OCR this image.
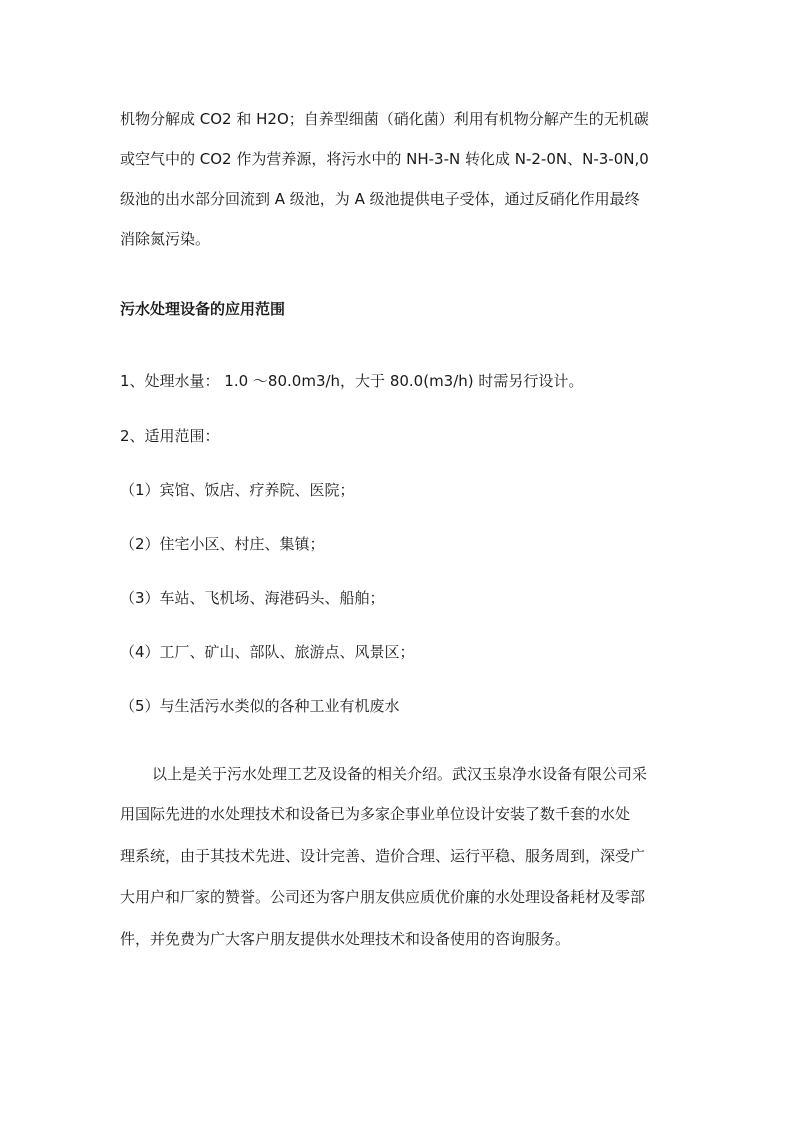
机物分解成 CO2 和 H2O；自养型细菌（硝化菌）利用有机物分解产生的无机碳
或空气中的 CO2 作为营养源，将污水中的 NH-3-N 转化成 N-2-0N、N-3-0N,0
级池的出水部分回流到 A 级池，为 A 级池提供电子受体，通过反硝化作用最终
消除氮污染。
污水处理设备的应用范围
1、处理水量： 1.0 ～80.0m3/h，大于 80.0(m3/h) 时需另行设计。
2、适用范围：
（1）宾馆、饭店、疗养院、医院；
（2）住宅小区、村庄、集镇；
（3）车站、飞机场、海港码头、船舶；
（4）工厂、矿山、部队、旅游点、风景区；
（5）与生活污水类似的各种工业有机废水
以上是关于污水处理工艺及设备的相关介绍。武汉玉泉净水设备有限公司采
用国际先进的水处理技术和设备已为多家企事业单位设计安装了数千套的水处
理系统，由于其技术先进、设计完善、造价合理、运行平稳、服务周到，深受广
大用户和厂家的赞誉。公司还为客户朋友供应质优价廉的水处理设备耗材及零部
件，并免费为广大客户朋友提供水处理技术和设备使用的咨询服务。
